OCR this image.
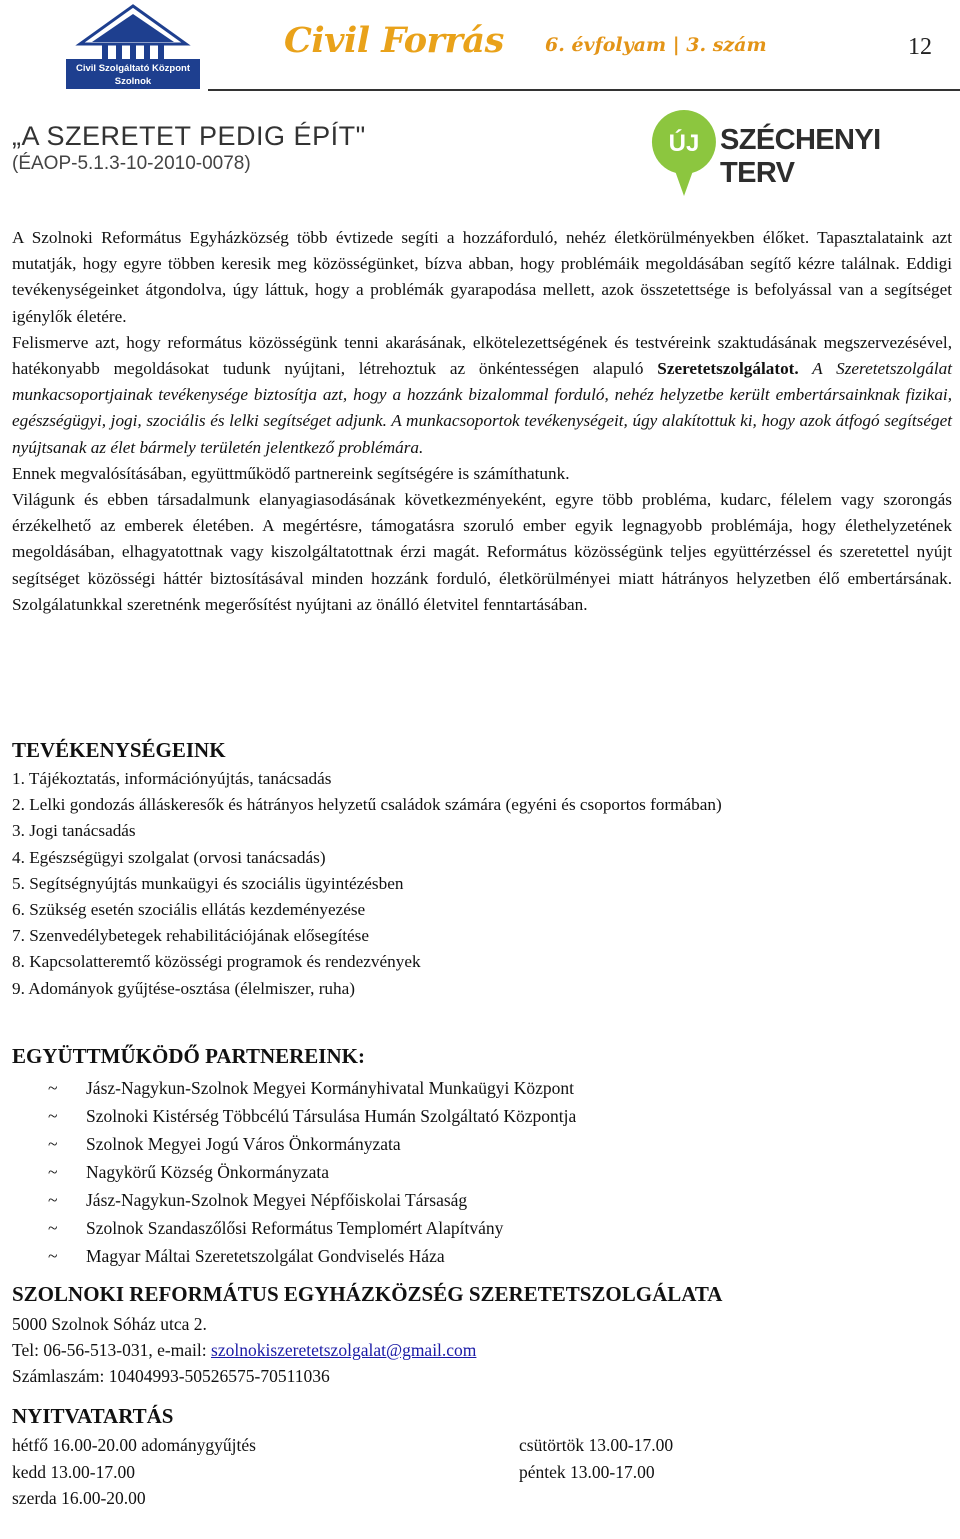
Civil Szolgáltató Központ
Szolnok
Civil Forrás 6. évfolyam | 3. szám	12
„A SZERETET PEDIG ÉPÍT"
(ÉAOP-5.1.3-10-2010-0078)
ÚJ SZÉCHENYI TERV

A Szolnoki Református Egyházközség több évtizede segíti a hozzáforduló, nehéz életkörülményekben élőket. Tapasztalataink azt mutatják, hogy egyre többen keresik meg közösségünket, bízva abban, hogy problémáik megoldásában segítő kézre találnak. Eddigi tevékenységeinket átgondolva, úgy láttuk, hogy a problémák gyarapodása mellett, azok összetettsége is befolyással van a segítséget igénylők életére.

Felismerve azt, hogy református közösségünk tenni akarásának, elkötelezettségének és testvéreink szaktudásának megszervezésével, hatékonyabb megoldásokat tudunk nyújtani, létrehoztuk az önkéntességen alapuló Szeretetszolgálatot. A Szeretetszolgálat munkacsoportjainak tevékenysége biztosítja azt, hogy a hozzánk bizalommal forduló, nehéz helyzetbe került embertársainknak fizikai, egészségügyi, jogi, szociális és lelki segítséget adjunk. A munkacsoportok tevékenységeit, úgy alakítottuk ki, hogy azok átfogó segítséget nyújtsanak az élet bármely területén jelentkező problémára.

Ennek megvalósításában, együttműködő partnereink segítségére is számíthatunk.

Világunk és ebben társadalmunk elanyagiasodásának következményeként, egyre több probléma, kudarc, félelem vagy szorongás érzékelhető az emberek életében. A megértésre, támogatásra szoruló ember egyik legnagyobb problémája, hogy élethelyzetének megoldásában, elhagyatottnak vagy kiszolgáltatottnak érzi magát. Református közösségünk teljes együttérzéssel és szeretettel nyújt segítséget közösségi háttér biztosításával minden hozzánk forduló, életkörülményei miatt hátrányos helyzetben élő embertársának. Szolgálatunkkal szeretnénk megerősítést nyújtani az önálló életvitel fenntartásában.

TEVÉKENYSÉGEINK
1. Tájékoztatás, információnyújtás, tanácsadás
2. Lelki gondozás álláskeresők és hátrányos helyzetű családok számára (egyéni és csoportos formában)
3. Jogi tanácsadás
4. Egészségügyi szolgalat (orvosi tanácsadás)
5. Segítségnyújtás munkaügyi és szociális ügyintézésben
6. Szükség esetén szociális ellátás kezdeményezése
7. Szenvedélybetegek rehabilitációjának elősegítése
8. Kapcsolatteremtő közösségi programok és rendezvények
9. Adományok gyűjtése-osztása (élelmiszer, ruha)
EGYÜTTMŰKÖDŐ PARTNEREINK:
~ Jász-Nagykun-Szolnok Megyei Kormányhivatal Munkaügyi Központ
~ Szolnoki Kistérség Többcélú Társulása Humán Szolgáltató Központja
~ Szolnok Megyei Jogú Város Önkormányzata
~ Nagykörű Község Önkormányzata
~ Jász-Nagykun-Szolnok Megyei Népfőiskolai Társaság
~ Szolnok Szandaszőlősi Református Templomért Alapítvány
~ Magyar Máltai Szeretetszolgálat Gondviselés Háza
SZOLNOKI REFORMÁTUS EGYHÁZKÖZSÉG SZERETETSZOLGÁLATA
5000 Szolnok Sóház utca 2.
Tel: 06-56-513-031, e-mail: szolnokiszeretetszolgalat@gmail.com
Számlaszám: 10404993-50526575-70511036
NYITVATARTÁS
hétfő 16.00-20.00 adománygyűjtés
kedd 13.00-17.00
szerda 16.00-20.00
csütörtök 13.00-17.00
péntek 13.00-17.00
